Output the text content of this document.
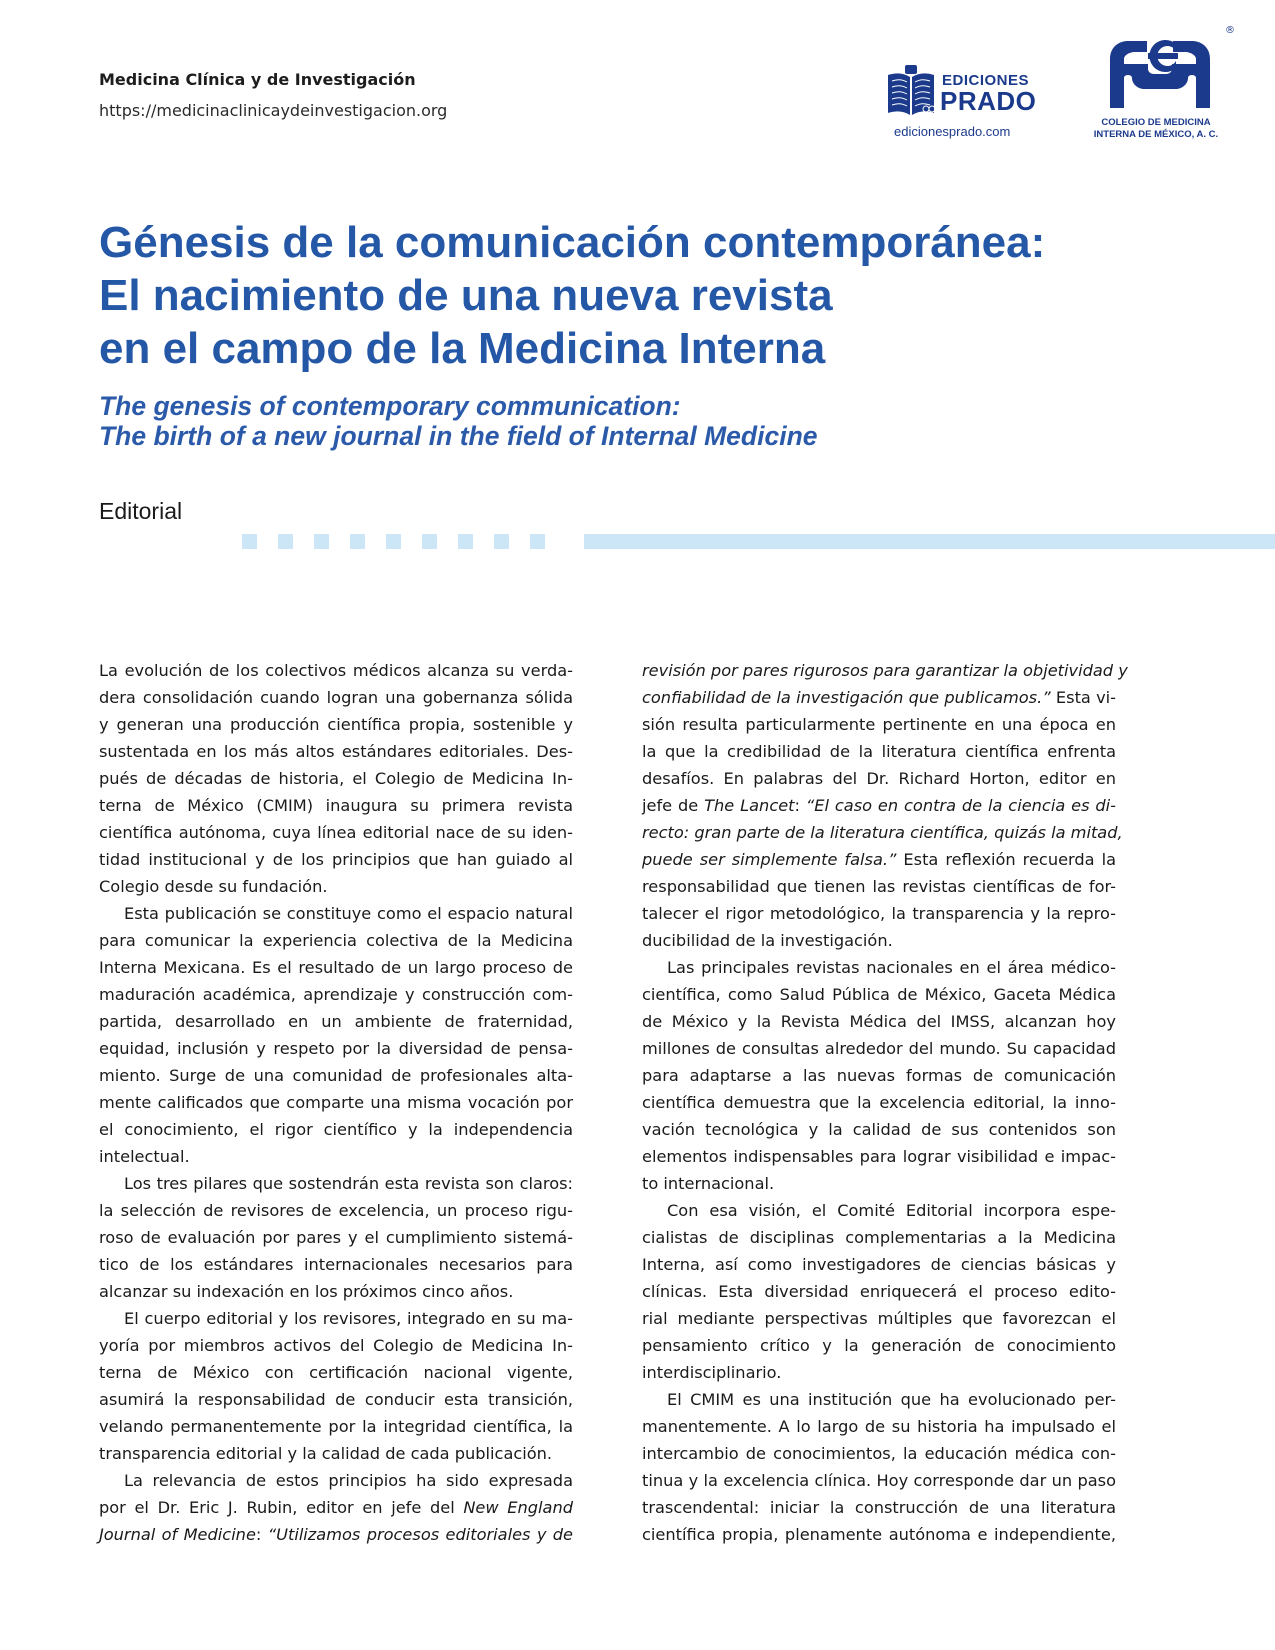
Medicina Clínica y de Investigación
https://medicinaclinicaydeinvestigacion.org
EDICIONES
PRADO
edicionesprado.com
®
COLEGIO DE MEDICINA
INTERNA DE MÉXICO, A. C.
Génesis de la comunicación contemporánea:
El nacimiento de una nueva revista
en el campo de la Medicina Interna
The genesis of contemporary communication:
The birth of a new journal in the field of Internal Medicine
Editorial
La evolución de los colectivos médicos alcanza su verda-
dera consolidación cuando logran una gobernanza sólida
y generan una producción científica propia, sostenible y
sustentada en los más altos estándares editoriales. Des-
pués de décadas de historia, el Colegio de Medicina In-
terna de México (CMIM) inaugura su primera revista
científica autónoma, cuya línea editorial nace de su iden-
tidad institucional y de los principios que han guiado al
Colegio desde su fundación.
Esta publicación se constituye como el espacio natural
para comunicar la experiencia colectiva de la Medicina
Interna Mexicana. Es el resultado de un largo proceso de
maduración académica, aprendizaje y construcción com-
partida, desarrollado en un ambiente de fraternidad,
equidad, inclusión y respeto por la diversidad de pensa-
miento. Surge de una comunidad de profesionales alta-
mente calificados que comparte una misma vocación por
el conocimiento, el rigor científico y la independencia
intelectual.
Los tres pilares que sostendrán esta revista son claros:
la selección de revisores de excelencia, un proceso rigu-
roso de evaluación por pares y el cumplimiento sistemá-
tico de los estándares internacionales necesarios para
alcanzar su indexación en los próximos cinco años.
El cuerpo editorial y los revisores, integrado en su ma-
yoría por miembros activos del Colegio de Medicina In-
terna de México con certificación nacional vigente,
asumirá la responsabilidad de conducir esta transición,
velando permanentemente por la integridad científica, la
transparencia editorial y la calidad de cada publicación.
La relevancia de estos principios ha sido expresada
por el Dr. Eric J. Rubin, editor en jefe del New England
Journal of Medicine: “Utilizamos procesos editoriales y de
revisión por pares rigurosos para garantizar la objetividad y
confiabilidad de la investigación que publicamos.” Esta vi-
sión resulta particularmente pertinente en una época en
la que la credibilidad de la literatura científica enfrenta
desafíos. En palabras del Dr. Richard Horton, editor en
jefe de The Lancet: “El caso en contra de la ciencia es di-
recto: gran parte de la literatura científica, quizás la mitad,
puede ser simplemente falsa.” Esta reflexión recuerda la
responsabilidad que tienen las revistas científicas de for-
talecer el rigor metodológico, la transparencia y la repro-
ducibilidad de la investigación.
Las principales revistas nacionales en el área médico-
científica, como Salud Pública de México, Gaceta Médica
de México y la Revista Médica del IMSS, alcanzan hoy
millones de consultas alrededor del mundo. Su capacidad
para adaptarse a las nuevas formas de comunicación
científica demuestra que la excelencia editorial, la inno-
vación tecnológica y la calidad de sus contenidos son
elementos indispensables para lograr visibilidad e impac-
to internacional.
Con esa visión, el Comité Editorial incorpora espe-
cialistas de disciplinas complementarias a la Medicina
Interna, así como investigadores de ciencias básicas y
clínicas. Esta diversidad enriquecerá el proceso edito-
rial mediante perspectivas múltiples que favorezcan el
pensamiento crítico y la generación de conocimiento
interdisciplinario.
El CMIM es una institución que ha evolucionado per-
manentemente. A lo largo de su historia ha impulsado el
intercambio de conocimientos, la educación médica con-
tinua y la excelencia clínica. Hoy corresponde dar un paso
trascendental: iniciar la construcción de una literatura
científica propia, plenamente autónoma e independiente,
